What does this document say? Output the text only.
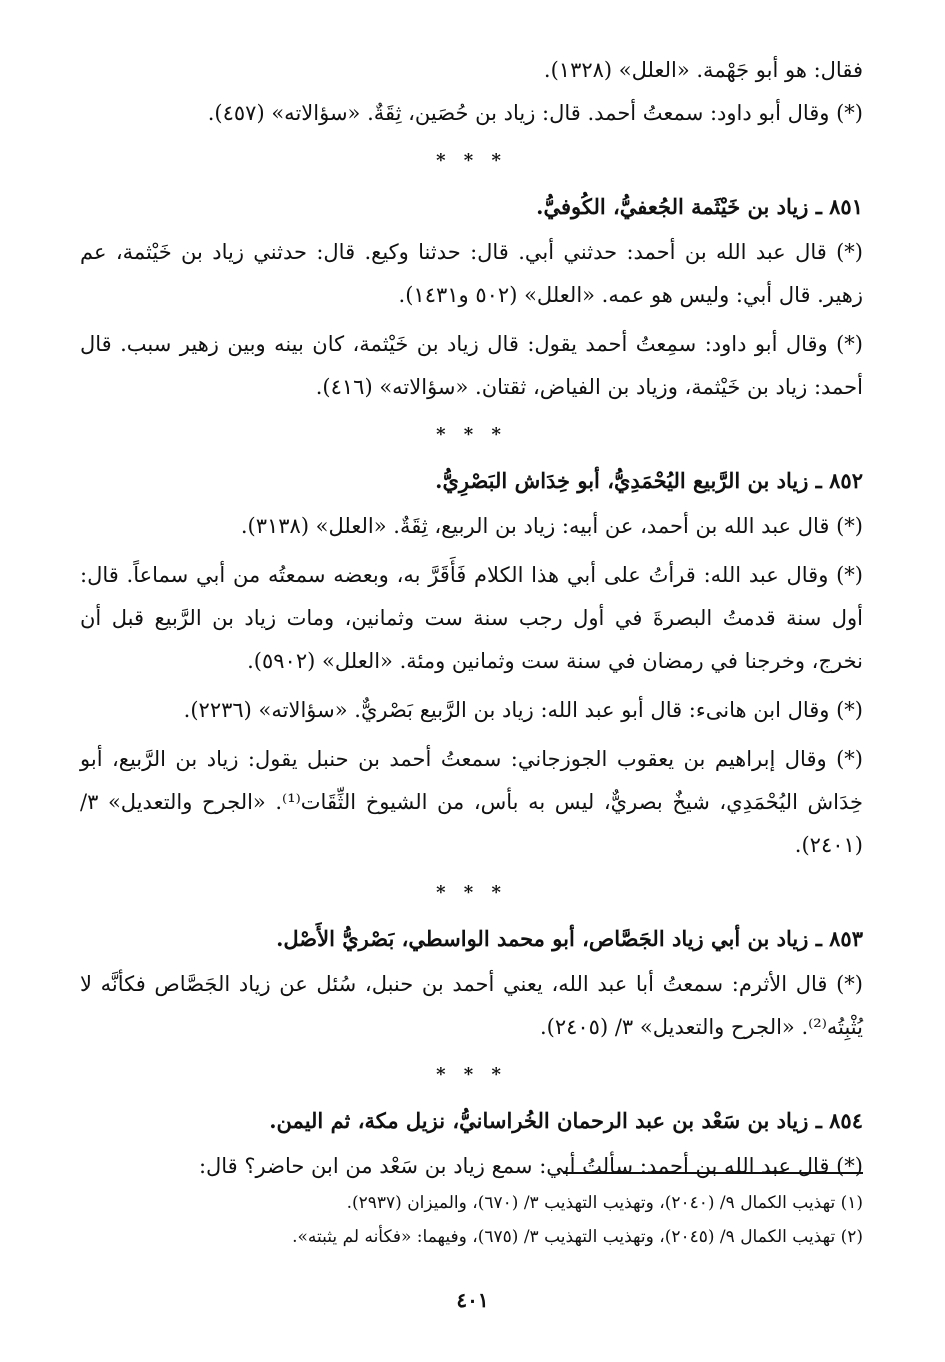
فقال: هو أبو جَهْمة. «العلل» (١٣٢٨).

(*) وقال أبو داود: سمعتُ أحمد. قال: زياد بن حُصَين، ثِقَةٌ. «سؤالاته» (٤٥٧).

* * *

٨٥١ ـ زياد بن خَيْثَمة الجُعفيُّ، الكُوفيُّ.

(*) قال عبد الله بن أحمد: حدثني أبي. قال: حدثنا وكيع. قال: حدثني زياد بن خَيْثمة، عم زهير. قال أبي: وليس هو عمه. «العلل» (٥٠٢ و١٤٣١).

(*) وقال أبو داود: سمِعتُ أحمد يقول: قال زياد بن خَيْثمة، كان بينه وبين زهير سبب. قال أحمد: زياد بن خَيْثمة، وزياد بن الفياض، ثقتان. «سؤالاته» (٤١٦).

* * *

٨٥٢ ـ زياد بن الرَّبيع اليُحْمَدِيُّ، أبو خِدَاش البَصْرِيُّ.

(*) قال عبد الله بن أحمد، عن أبيه: زياد بن الربيع، ثِقَةٌ. «العلل» (٣١٣٨).

(*) وقال عبد الله: قرأتُ على أبي هذا الكلام فَأَقَرَّ به، وبعضه سمعتُه من أبي سماعاً. قال: أول سنة قدمتُ البصرةَ في أول رجب سنة ست وثمانين، ومات زياد بن الرَّبيع قبل أن نخرج، وخرجنا في رمضان في سنة ست وثمانين ومئة. «العلل» (٥٩٠٢).

(*) وقال ابن هانىء: قال أبو عبد الله: زياد بن الرَّبيع بَصْريٌّ. «سؤالاته» (٢٢٣٦).

(*) وقال إبراهيم بن يعقوب الجوزجاني: سمعتُ أحمد بن حنبل يقول: زياد بن الرَّبيع، أبو خِدَاش اليُحْمَدِي، شيخٌ بصريٌّ، ليس به بأس، من الشيوخ الثِّقَات⁽¹⁾. «الجرح والتعديل» ٣/ (٢٤٠١).

* * *

٨٥٣ ـ زياد بن أبي زياد الجَصَّاص، أبو محمد الواسطي، بَصْريُّ الأَصْل.

(*) قال الأثرم: سمعتُ أبا عبد الله، يعني أحمد بن حنبل، سُئل عن زياد الجَصَّاص فكأنَّه لا يُثْبِتُه⁽²⁾. «الجرح والتعديل» ٣/ (٢٤٠٥).

* * *

٨٥٤ ـ زياد بن سَعْد بن عبد الرحمان الخُراسانيُّ، نزيل مكة، ثم اليمن.

(*) قال عبد الله بن أحمد: سألتُ أبي: سمع زياد بن سَعْد من ابن حاضر؟ قال:

(١) تهذيب الكمال ٩/ (٢٠٤٠)، وتهذيب التهذيب ٣/ (٦٧٠)، والميزان (٢٩٣٧).

(٢) تهذيب الكمال ٩/ (٢٠٤٥)، وتهذيب التهذيب ٣/ (٦٧٥)، وفيهما: «فكأنه لم يثبته».

٤٠١
